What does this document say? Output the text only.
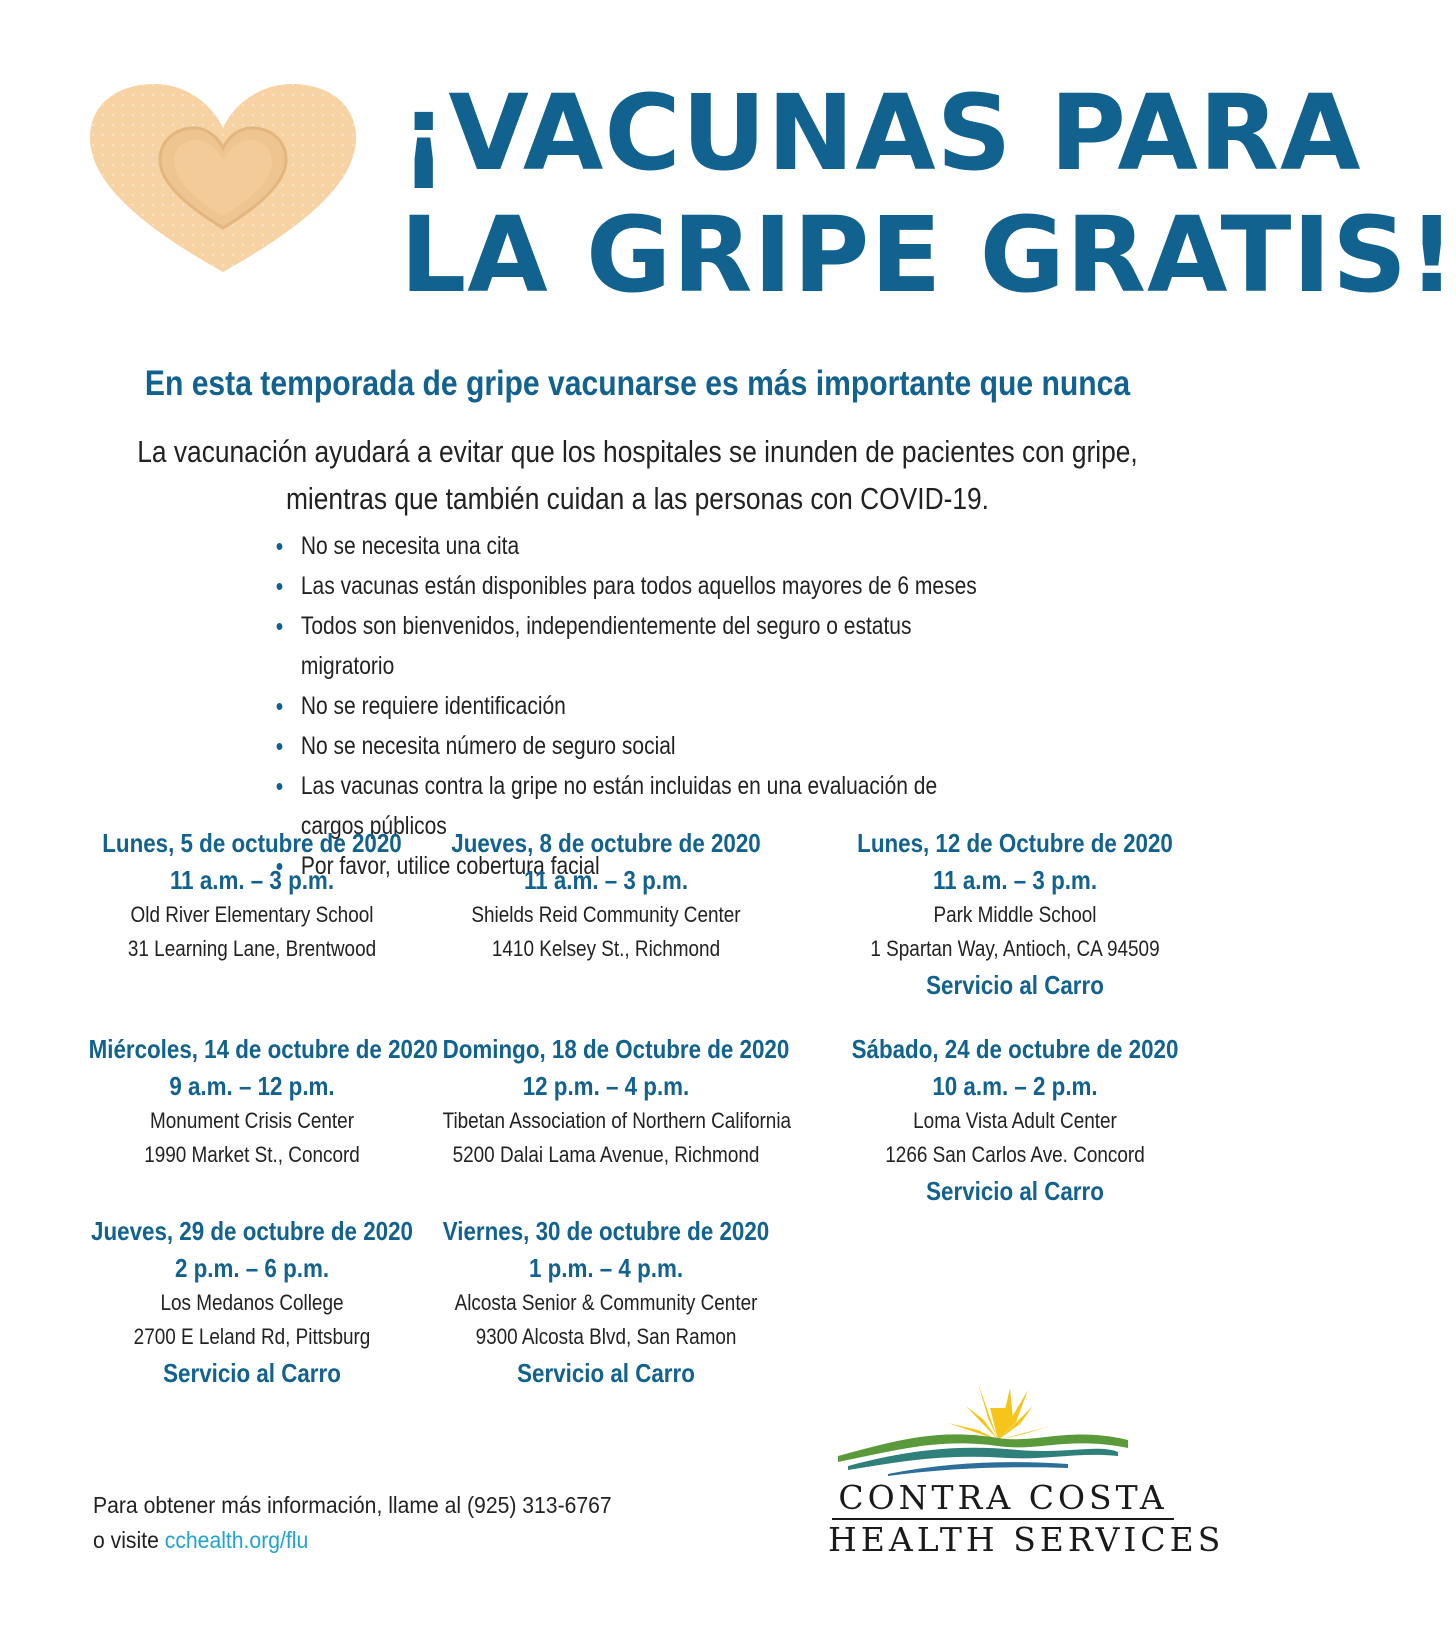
¡VACUNAS PARA
LA GRIPE GRATIS!
En esta temporada de gripe vacunarse es más importante que nunca
La vacunación ayudará a evitar que los hospitales se inunden de pacientes con gripe,
mientras que también cuidan a las personas con COVID-19.
No se necesita una cita
Las vacunas están disponibles para todos aquellos mayores de 6 meses
Todos son bienvenidos, independientemente del seguro o estatus migratorio
No se requiere identificación
No se necesita número de seguro social
Las vacunas contra la gripe no están incluidas en una evaluación de
cargos públicos
Por favor, utilice cobertura facial
Lunes, 5 de octubre de 2020
11 a.m. – 3 p.m.
Old River Elementary School
31 Learning Lane, Brentwood
Jueves, 8 de octubre de 2020
11 a.m. – 3 p.m.
Shields Reid Community Center
1410 Kelsey St., Richmond
Lunes, 12 de Octubre de 2020
11 a.m. – 3 p.m.
Park Middle School
1 Spartan Way, Antioch, CA 94509
Servicio al Carro
Miércoles, 14 de octubre de 2020
9 a.m. – 12 p.m.
Monument Crisis Center
1990 Market St., Concord
Domingo, 18 de Octubre de 2020
12 p.m. – 4 p.m.
Tibetan Association of Northern California
5200 Dalai Lama Avenue, Richmond
Sábado, 24 de octubre de 2020
10 a.m. – 2 p.m.
Loma Vista Adult Center
1266 San Carlos Ave. Concord
Servicio al Carro
Jueves, 29 de octubre de 2020
2 p.m. – 6 p.m.
Los Medanos College
2700 E Leland Rd, Pittsburg
Servicio al Carro
Viernes, 30 de octubre de 2020
1 p.m. – 4 p.m.
Alcosta Senior & Community Center
9300 Alcosta Blvd, San Ramon
Servicio al Carro
Para obtener más información, llame al (925) 313-6767
o visite cchealth.org/flu
CONTRA COSTA
HEALTH SERVICES
